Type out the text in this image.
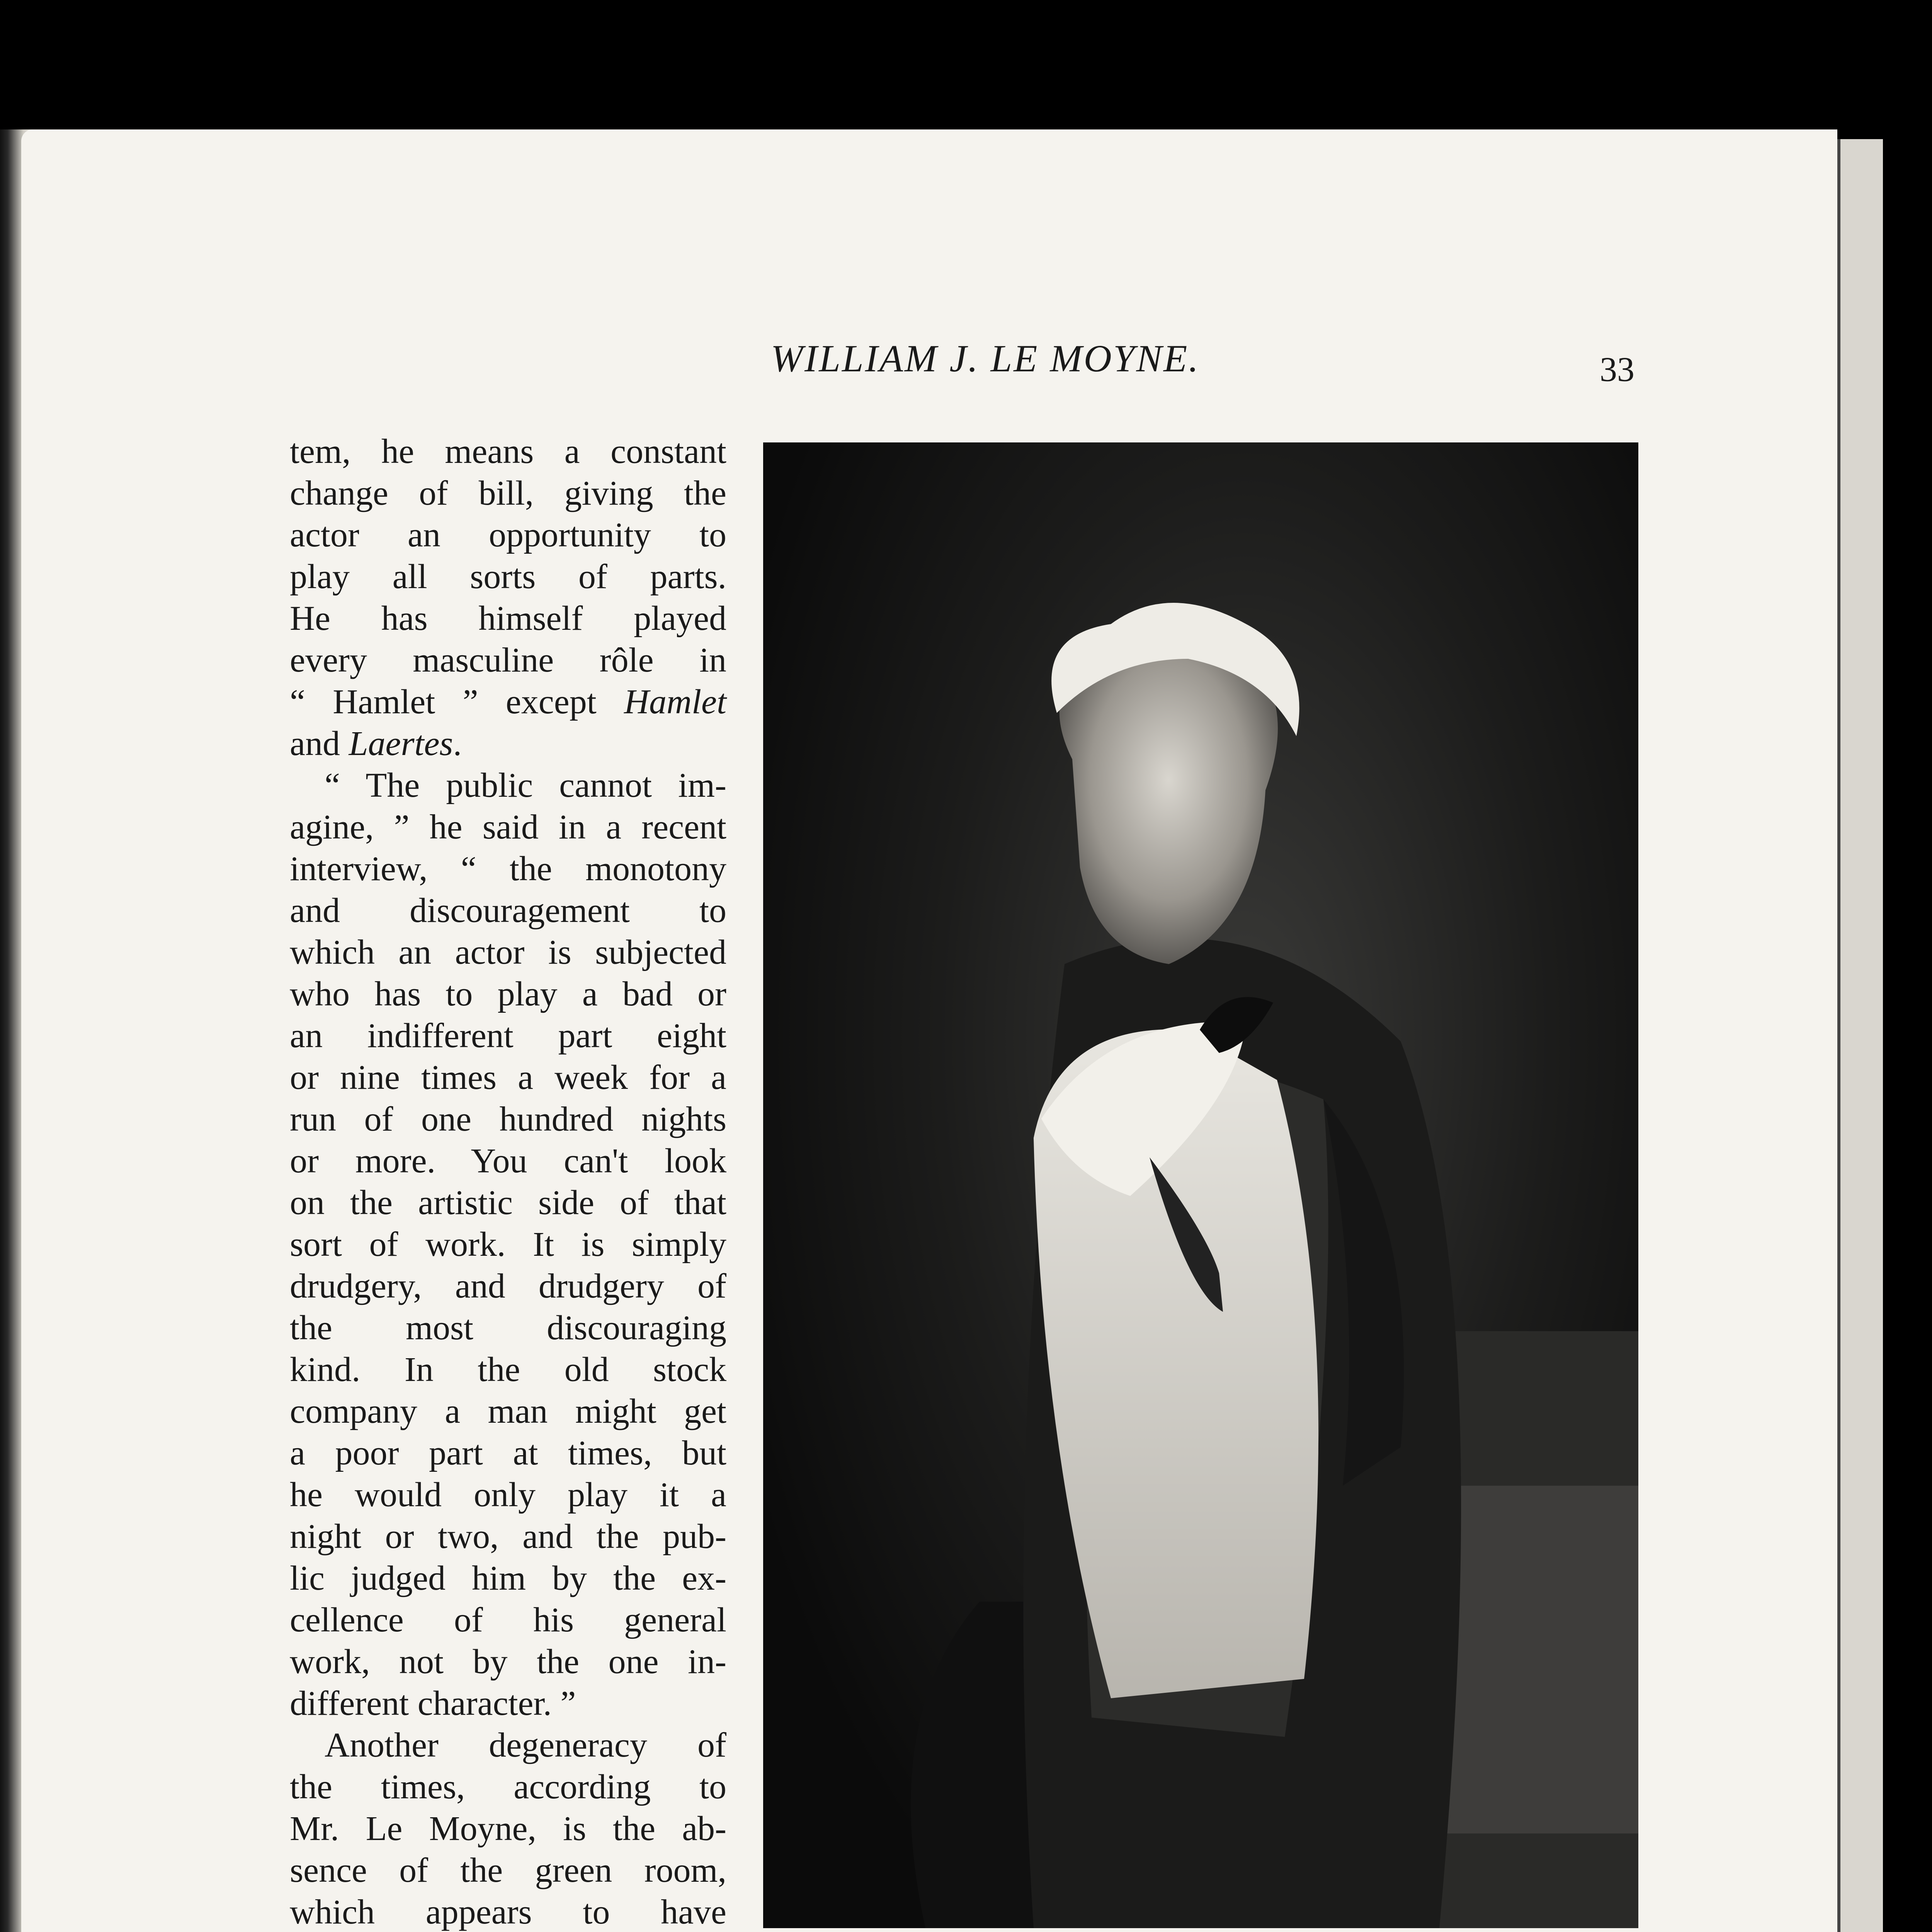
WILLIAM J. LE MOYNE.	33
tem, he means a constant
change of bill, giving the
actor an opportunity to
play all sorts of parts.
He has himself played
every masculine rôle in
“ Hamlet ” except Hamlet
and Laertes.
“ The public cannot im-
agine, ” he said in a recent
interview, “ the monotony
and discouragement to
which an actor is subjected
who has to play a bad or
an indifferent part eight
or nine times a week for a
run of one hundred nights
or more. You can't look
on the artistic side of that
sort of work. It is simply
drudgery, and drudgery of
the most discouraging
kind. In the old stock
company a man might get
a poor part at times, but
he would only play it a
night or two, and the pub-
lic judged him by the ex-
cellence of his general
work, not by the one in-
different character. ”
Another degeneracy of
the times, according to
Mr. Le Moyne, is the ab-
sence of the green room,
which appears to have
